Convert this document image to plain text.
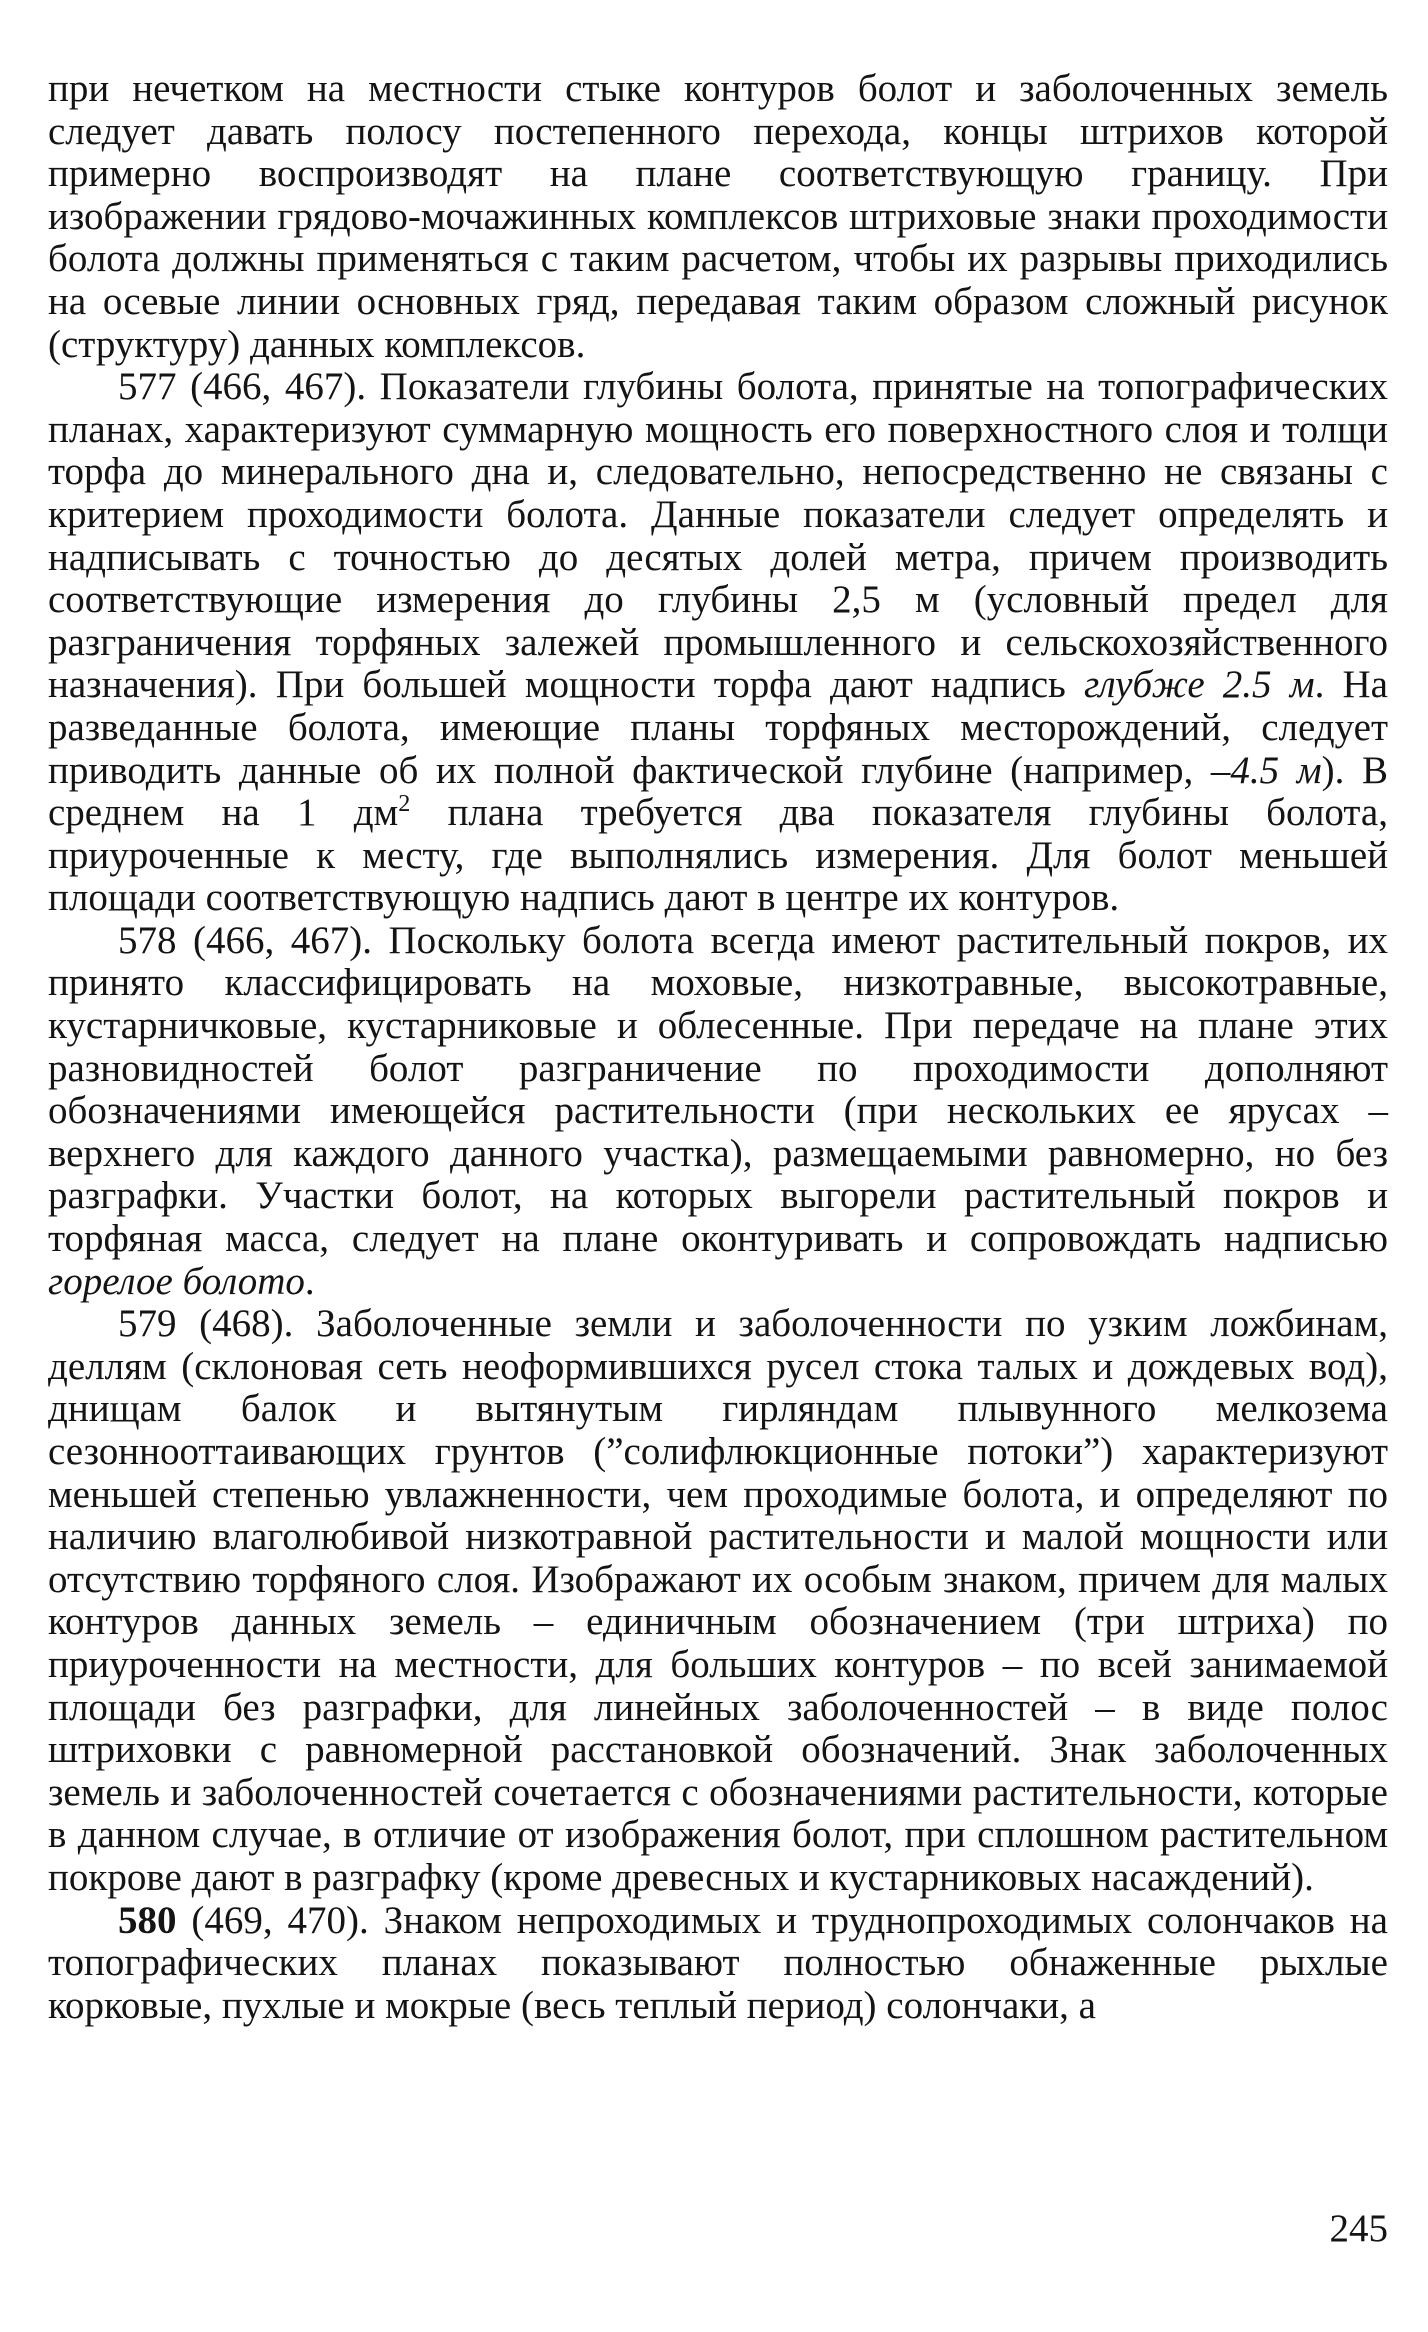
при нечетком на местности стыке контуров болот и заболоченных земель следует давать полосу постепенного перехода, концы штрихов которой примерно воспроизводят на плане соответствующую границу. При изображении грядово-мочажинных комплексов штриховые знаки проходимости болота должны применяться с таким расчетом, чтобы их разрывы приходились на осевые линии основных гряд, передавая таким образом сложный рисунок (структуру) данных комплексов.

577 (466, 467). Показатели глубины болота, принятые на топографических планах, характеризуют суммарную мощность его поверхностного слоя и толщи торфа до минерального дна и, следовательно, непосредственно не связаны с критерием проходимости болота. Данные показатели следует определять и надписывать с точностью до десятых долей метра, причем производить соответствующие измерения до глубины 2,5 м (условный предел для разграничения торфяных залежей промышленного и сельскохозяйственного назначения). При большей мощности торфа дают надпись глубже 2.5 м. На разведанные болота, имеющие планы торфяных месторождений, следует приводить данные об их полной фактической глубине (например, –4.5 м). В среднем на 1 $дм^2$ плана требуется два показателя глубины болота, приуроченные к месту, где выполнялись измерения. Для болот меньшей площади соответствующую надпись дают в центре их контуров.

578 (466, 467). Поскольку болота всегда имеют растительный покров, их принято классифицировать на моховые, низкотравные, высокотравные, кустарничковые, кустарниковые и облесенные. При передаче на плане этих разновидностей болот разграничение по проходимости дополняют обозначениями имеющейся растительности (при нескольких ее ярусах – верхнего для каждого данного участка), размещаемыми равномерно, но без разграфки. Участки болот, на которых выгорели растительный покров и торфяная масса, следует на плане оконтуривать и сопровождать надписью горелое болото.

579 (468). Заболоченные земли и заболоченности по узким ложбинам, деллям (склоновая сеть неоформившихся русел стока талых и дождевых вод), днищам балок и вытянутым гирляндам плывунного мелкозема сезоннооттаивающих грунтов (”солифлюкционные потоки”) характеризуют меньшей степенью увлажненности, чем проходимые болота, и определяют по наличию влаголюбивой низкотравной растительности и малой мощности или отсутствию торфяного слоя. Изображают их особым знаком, причем для малых контуров данных земель – единичным обозначением (три штриха) по приуроченности на местности, для больших контуров – по всей занимаемой площади без разграфки, для линейных заболоченностей – в виде полос штриховки с равномерной расстановкой обозначений. Знак заболоченных земель и заболоченностей сочетается с обозначениями растительности, которые в данном случае, в отличие от изображения болот, при сплошном растительном покрове дают в разграфку (кроме древесных и кустарниковых насаждений).

580 (469, 470). Знаком непроходимых и труднопроходимых солончаков на топографических планах показывают полностью обнаженные рыхлые корковые, пухлые и мокрые (весь теплый период) солончаки, а

245
